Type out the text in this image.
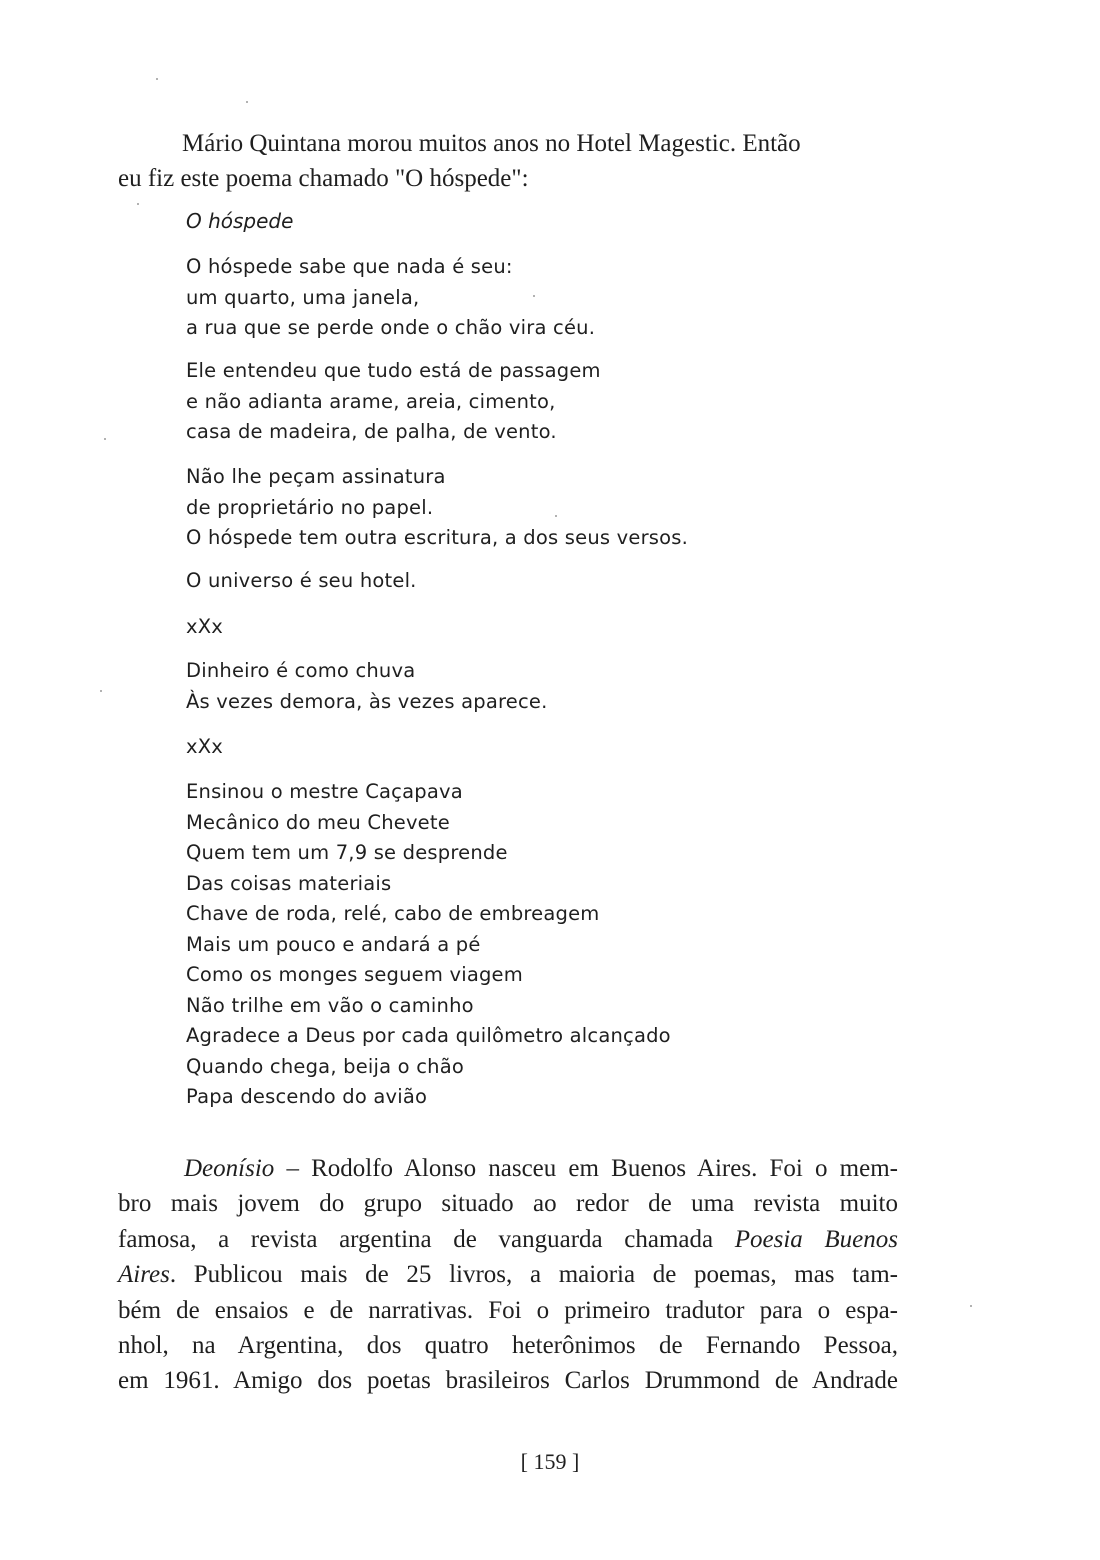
Mário Quintana morou muitos anos no Hotel Magestic. Então
eu fiz este poema chamado "O hóspede":

O hóspede

O hóspede sabe que nada é seu:
um quarto, uma janela,
a rua que se perde onde o chão vira céu.

Ele entendeu que tudo está de passagem
e não adianta arame, areia, cimento,
casa de madeira, de palha, de vento.

Não lhe peçam assinatura
de proprietário no papel.
O hóspede tem outra escritura, a dos seus versos.

O universo é seu hotel.

xXx

Dinheiro é como chuva
Às vezes demora, às vezes aparece.

xXx

Ensinou o mestre Caçapava
Mecânico do meu Chevete
Quem tem um 7,9 se desprende
Das coisas materiais
Chave de roda, relé, cabo de embreagem
Mais um pouco e andará a pé
Como os monges seguem viagem
Não trilhe em vão o caminho
Agradece a Deus por cada quilômetro alcançado
Quando chega, beija o chão
Papa descendo do avião

Deonísio – Rodolfo Alonso nasceu em Buenos Aires. Foi o mem-
bro mais jovem do grupo situado ao redor de uma revista muito
famosa, a revista argentina de vanguarda chamada Poesia Buenos
Aires. Publicou mais de 25 livros, a maioria de poemas, mas tam-
bém de ensaios e de narrativas. Foi o primeiro tradutor para o espa-
nhol, na Argentina, dos quatro heterônimos de Fernando Pessoa,
em 1961. Amigo dos poetas brasileiros Carlos Drummond de Andrade
[ 159 ]
